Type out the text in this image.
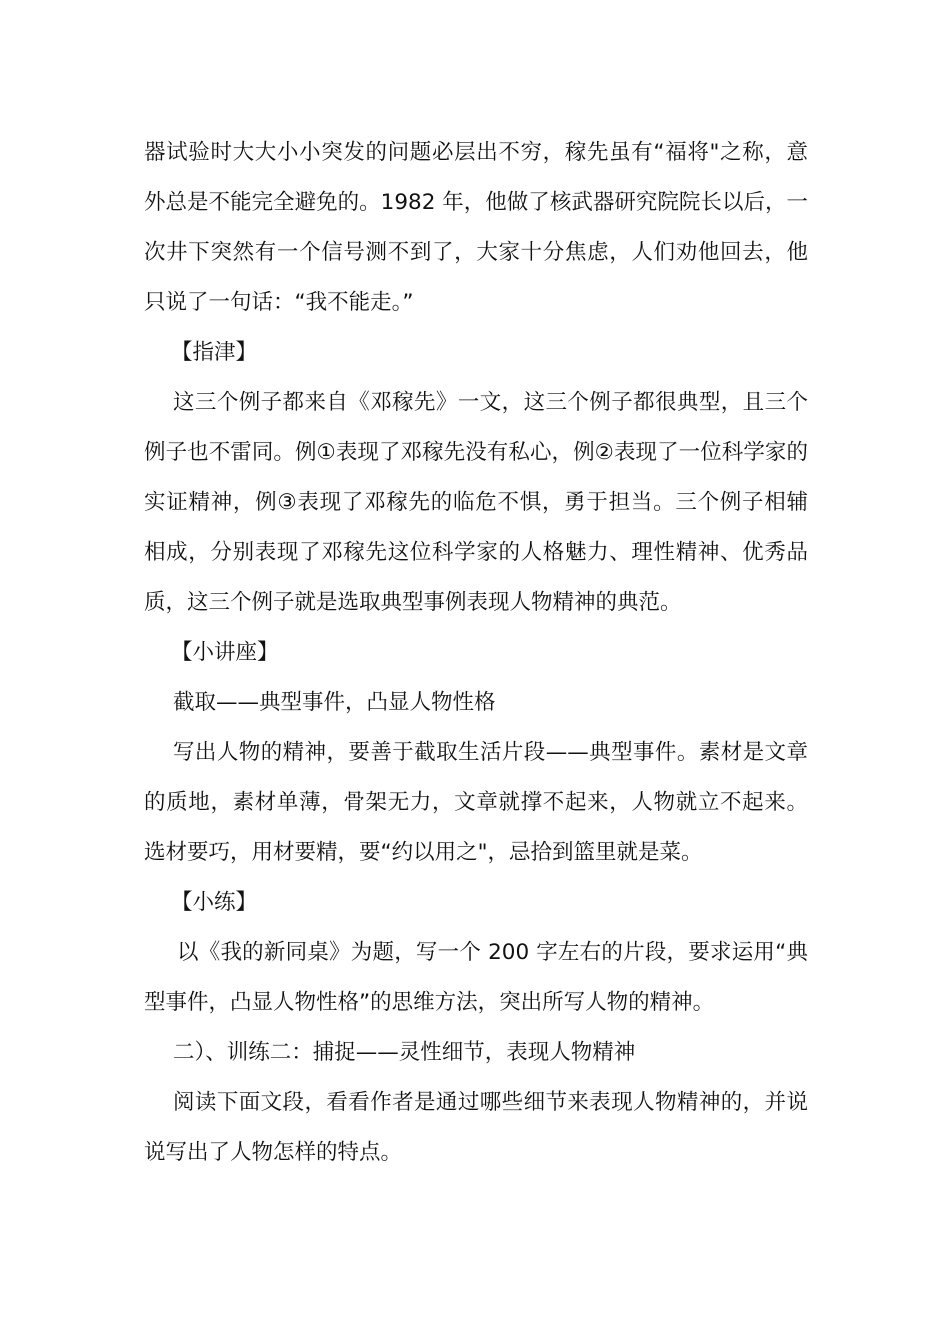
器试验时大大小小突发的问题必层出不穷，稼先虽有“福将"之称，意外总是不能完全避免的。1982 年，他做了核武器研究院院长以后，一次井下突然有一个信号测不到了，大家十分焦虑，人们劝他回去，他只说了一句话：“我不能走。”

【指津】

这三个例子都来自《邓稼先》一文，这三个例子都很典型，且三个例子也不雷同。例①表现了邓稼先没有私心，例②表现了一位科学家的实证精神，例③表现了邓稼先的临危不惧，勇于担当。三个例子相辅相成，分别表现了邓稼先这位科学家的人格魅力、理性精神、优秀品质，这三个例子就是选取典型事例表现人物精神的典范。

【小讲座】

截取——典型事件，凸显人物性格

写出人物的精神，要善于截取生活片段——典型事件。素材是文章的质地，素材单薄，骨架无力，文章就撑不起来，人物就立不起来。选材要巧，用材要精，要“约以用之"，忌拾到篮里就是菜。

【小练】

以《我的新同桌》为题，写一个 200 字左右的片段，要求运用“典型事件，凸显人物性格”的思维方法，突出所写人物的精神。

二）、训练二：捕捉——灵性细节，表现人物精神

阅读下面文段，看看作者是通过哪些细节来表现人物精神的，并说说写出了人物怎样的特点。
